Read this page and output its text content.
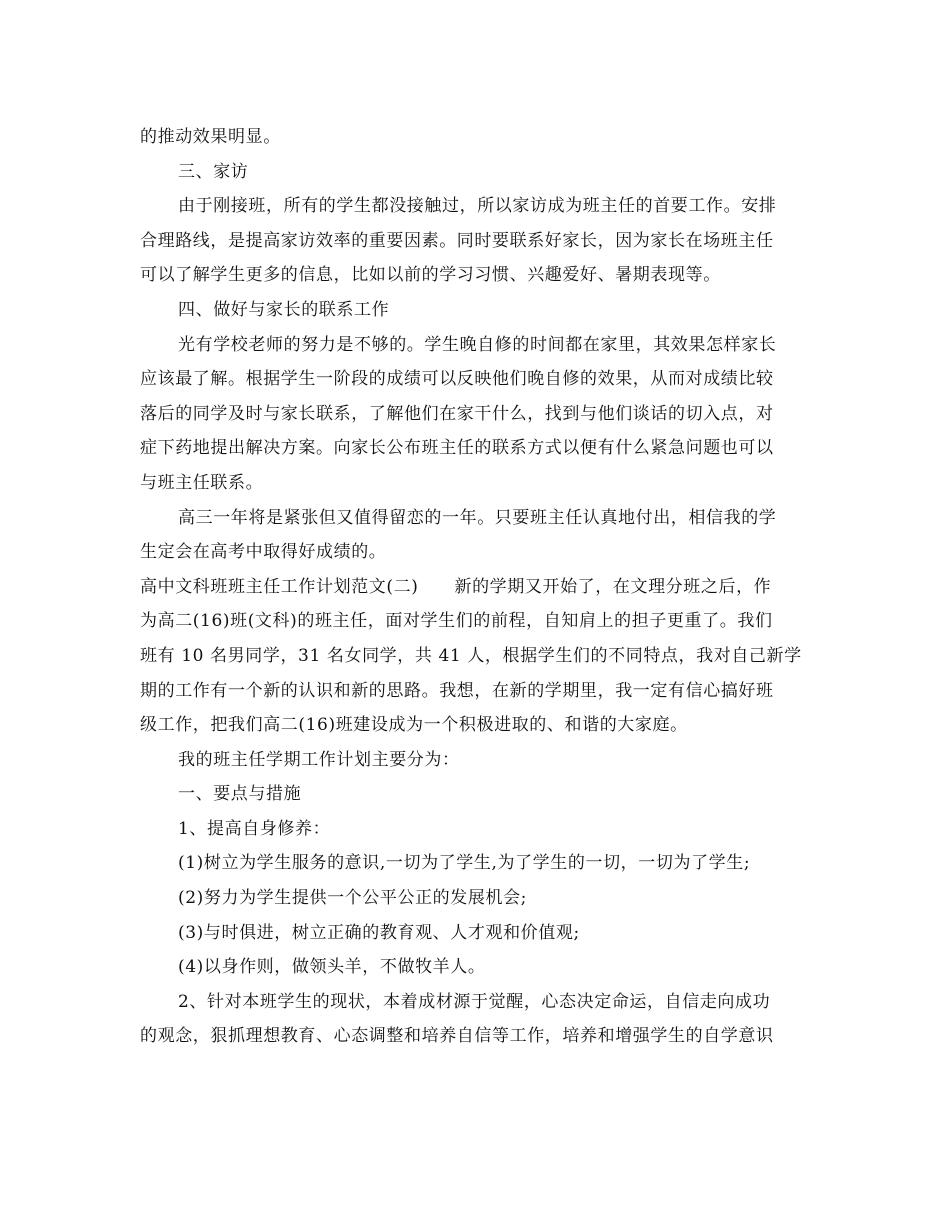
的推动效果明显。
三、家访
由于刚接班，所有的学生都没接触过，所以家访成为班主任的首要工作。安排
合理路线，是提高家访效率的重要因素。同时要联系好家长，因为家长在场班主任
可以了解学生更多的信息，比如以前的学习习惯、兴趣爱好、暑期表现等。
四、做好与家长的联系工作
光有学校老师的努力是不够的。学生晚自修的时间都在家里，其效果怎样家长
应该最了解。根据学生一阶段的成绩可以反映他们晚自修的效果，从而对成绩比较
落后的同学及时与家长联系，了解他们在家干什么，找到与他们谈话的切入点，对
症下药地提出解决方案。向家长公布班主任的联系方式以便有什么紧急问题也可以
与班主任联系。
高三一年将是紧张但又值得留恋的一年。只要班主任认真地付出，相信我的学
生定会在高考中取得好成绩的。
高中文科班班主任工作计划范文(二) 新的学期又开始了，在文理分班之后，作
为高二(16)班(文科)的班主任，面对学生们的前程，自知肩上的担子更重了。我们
班有 10 名男同学，31 名女同学，共 41 人，根据学生们的不同特点，我对自己新学
期的工作有一个新的认识和新的思路。我想，在新的学期里，我一定有信心搞好班
级工作，把我们高二(16)班建设成为一个积极进取的、和谐的大家庭。
我的班主任学期工作计划主要分为：
一、要点与措施
1、提高自身修养：
(1)树立为学生服务的意识,一切为了学生,为了学生的一切，一切为了学生;
(2)努力为学生提供一个公平公正的发展机会;
(3)与时俱进，树立正确的教育观、人才观和价值观;
(4)以身作则，做领头羊，不做牧羊人。
2、针对本班学生的现状，本着成材源于觉醒，心态决定命运，自信走向成功
的观念，狠抓理想教育、心态调整和培养自信等工作，培养和增强学生的自学意识
